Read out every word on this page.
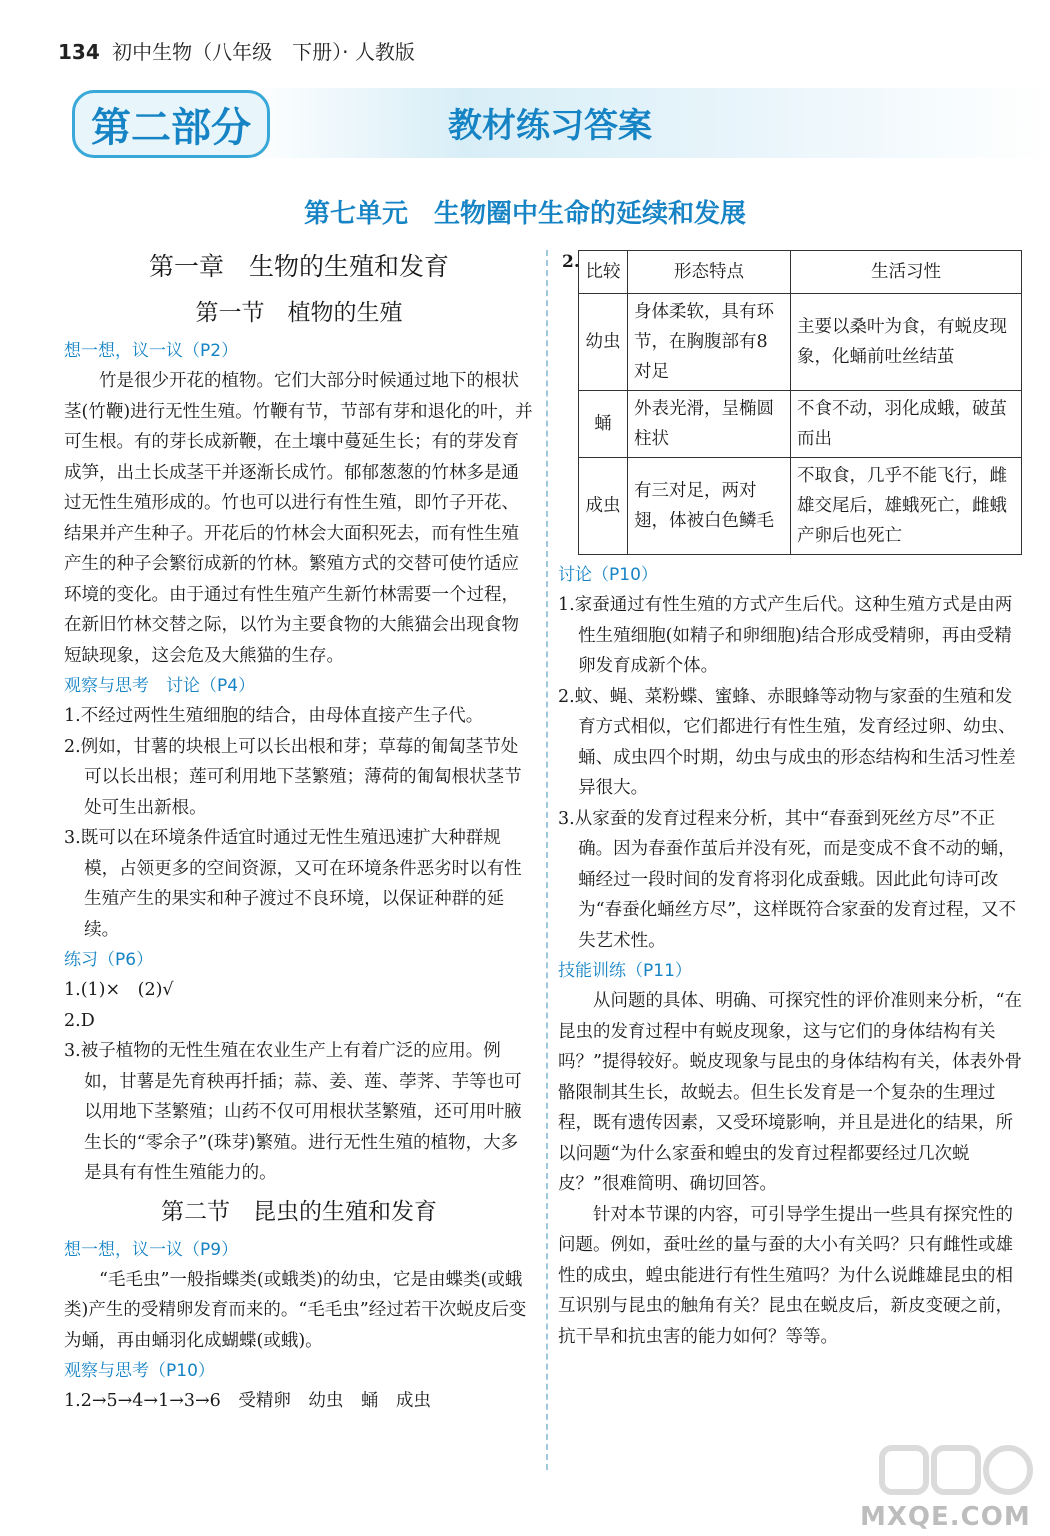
134 初中生物（八年级　下册）· 人教版
第二部分	教材练习答案
第七单元　生物圈中生命的延续和发展

第一章　生物的生殖和发育

第一节　植物的生殖

想一想，议一议（P2）

竹是很少开花的植物。它们大部分时候通过地下的根状茎(竹鞭)进行无性生殖。竹鞭有节，节部有芽和退化的叶，并可生根。有的芽长成新鞭，在土壤中蔓延生长；有的芽发育成笋，出土长成茎干并逐渐长成竹。郁郁葱葱的竹林多是通过无性生殖形成的。竹也可以进行有性生殖，即竹子开花、结果并产生种子。开花后的竹林会大面积死去，而有性生殖产生的种子会繁衍成新的竹林。繁殖方式的交替可使竹适应环境的变化。由于通过有性生殖产生新竹林需要一个过程，在新旧竹林交替之际，以竹为主要食物的大熊猫会出现食物短缺现象，这会危及大熊猫的生存。

观察与思考　讨论（P4）

1.不经过两性生殖细胞的结合，由母体直接产生子代。

2.例如，甘薯的块根上可以长出根和芽；草莓的匍匐茎节处可以长出根；莲可利用地下茎繁殖；薄荷的匍匐根状茎节处可生出新根。

3.既可以在环境条件适宜时通过无性生殖迅速扩大种群规模，占领更多的空间资源，又可在环境条件恶劣时以有性生殖产生的果实和种子渡过不良环境，以保证种群的延续。

练习（P6）

1.(1)×　(2)√

2.D

3.被子植物的无性生殖在农业生产上有着广泛的应用。例如，甘薯是先育秧再扦插；蒜、姜、莲、荸荠、芋等也可以用地下茎繁殖；山药不仅可用根状茎繁殖，还可用叶腋生长的“零余子”(珠芽)繁殖。进行无性生殖的植物，大多是具有有性生殖能力的。

第二节　昆虫的生殖和发育

想一想，议一议（P9）

“毛毛虫”一般指蝶类(或蛾类)的幼虫，它是由蝶类(或蛾类)产生的受精卵发育而来的。“毛毛虫”经过若干次蜕皮后变为蛹，再由蛹羽化成蝴蝶(或蛾)。

观察与思考（P10）

1.2→5→4→1→3→6　受精卵　幼虫　蛹　成虫

2. 比较	形态特点	生活习性
幼虫	身体柔软，具有环节，在胸腹部有8对足	主要以桑叶为食，有蜕皮现象，化蛹前吐丝结茧
蛹	外表光滑，呈椭圆柱状	不食不动，羽化成蛾，破茧而出
成虫	有三对足，两对翅，体被白色鳞毛	不取食，几乎不能飞行，雌雄交尾后，雄蛾死亡，雌蛾产卵后也死亡

讨论（P10）

1.家蚕通过有性生殖的方式产生后代。这种生殖方式是由两性生殖细胞(如精子和卵细胞)结合形成受精卵，再由受精卵发育成新个体。

2.蚊、蝇、菜粉蝶、蜜蜂、赤眼蜂等动物与家蚕的生殖和发育方式相似，它们都进行有性生殖，发育经过卵、幼虫、蛹、成虫四个时期，幼虫与成虫的形态结构和生活习性差异很大。

3.从家蚕的发育过程来分析，其中“春蚕到死丝方尽”不正确。因为春蚕作茧后并没有死，而是变成不食不动的蛹，蛹经过一段时间的发育将羽化成蚕蛾。因此此句诗可改为“春蚕化蛹丝方尽”，这样既符合家蚕的发育过程，又不失艺术性。

技能训练（P11）

从问题的具体、明确、可探究性的评价准则来分析，“在昆虫的发育过程中有蜕皮现象，这与它们的身体结构有关吗？”提得较好。蜕皮现象与昆虫的身体结构有关，体表外骨骼限制其生长，故蜕去。但生长发育是一个复杂的生理过程，既有遗传因素，又受环境影响，并且是进化的结果，所以问题“为什么家蚕和蝗虫的发育过程都要经过几次蜕皮？”很难简明、确切回答。

针对本节课的内容，可引导学生提出一些具有探究性的问题。例如，蚕吐丝的量与蚕的大小有关吗？只有雌性或雄性的成虫，蝗虫能进行有性生殖吗？为什么说雌雄昆虫的相互识别与昆虫的触角有关？昆虫在蜕皮后，新皮变硬之前，抗干旱和抗虫害的能力如何？等等。

MXQE.COM
